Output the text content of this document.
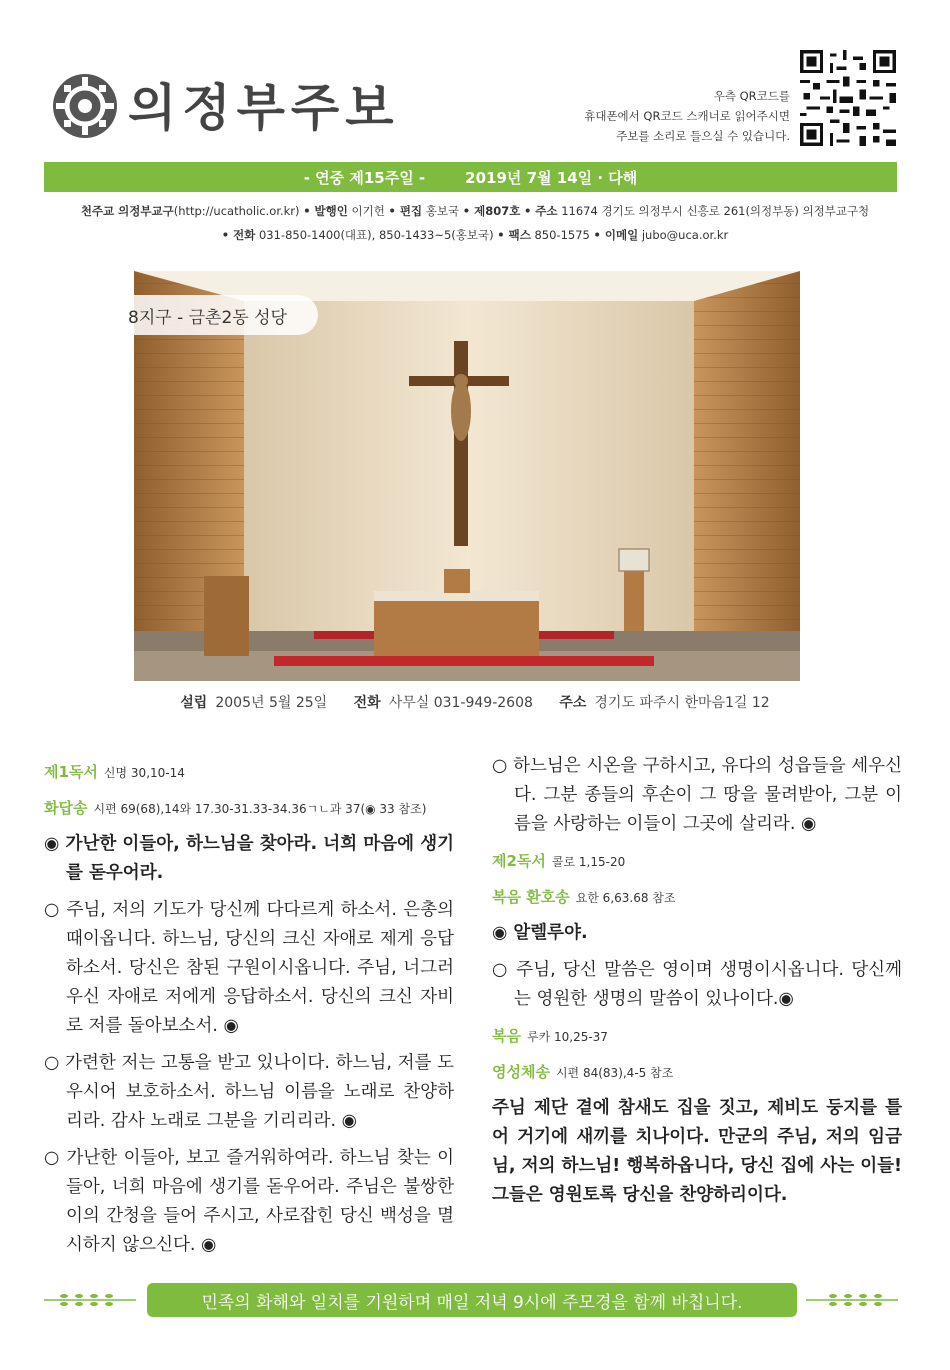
의정부주보	우측 QR코드를
휴대폰에서 QR코드 스캐너로 읽어주시면
주보를 소리로 들으실 수 있습니다.
- 연중 제15주일 -	2019년 7월 14일 · 다해
천주교 의정부교구(http://ucatholic.or.kr) • 발행인 이기헌 • 편집 홍보국 • 제807호 • 주소 11674 경기도 의정부시 신흥로 261(의정부동) 의정부교구청
• 전화 031-850-1400(대표), 850-1433~5(홍보국) • 팩스 850-1575 • 이메일 jubo@uca.or.kr
8지구 - 금촌2동 성당
설립 2005년 5월 25일 전화 사무실 031-949-2608 주소 경기도 파주시 한마음1길 12
제1독서 신명 30,10-14
화답송 시편 69(68),14와 17.30-31.33-34.36ㄱㄴ과 37(◉ 33 참조)

◉ 가난한 이들아, 하느님을 찾아라. 너희 마음에 생기를 돋우어라.

○ 주님, 저의 기도가 당신께 다다르게 하소서. 은총의 때이옵니다. 하느님, 당신의 크신 자애로 제게 응답하소서. 당신은 참된 구원이시옵니다. 주님, 너그러우신 자애로 저에게 응답하소서. 당신의 크신 자비로 저를 돌아보소서. ◉

○ 가련한 저는 고통을 받고 있나이다. 하느님, 저를 도우시어 보호하소서. 하느님 이름을 노래로 찬양하리라. 감사 노래로 그분을 기리리라. ◉

○ 가난한 이들아, 보고 즐거워하여라. 하느님 찾는 이들아, 너희 마음에 생기를 돋우어라. 주님은 불쌍한 이의 간청을 들어 주시고, 사로잡힌 당신 백성을 멸시하지 않으신다. ◉

○ 하느님은 시온을 구하시고, 유다의 성읍들을 세우신다. 그분 종들의 후손이 그 땅을 물려받아, 그분 이름을 사랑하는 이들이 그곳에 살리라. ◉

제2독서 콜로 1,15-20
복음 환호송 요한 6,63.68 참조

◉ 알렐루야.

○ 주님, 당신 말씀은 영이며 생명이시옵니다. 당신께는 영원한 생명의 말씀이 있나이다.◉

복음 루카 10,25-37
영성체송 시편 84(83),4-5 참조

주님 제단 곁에 참새도 집을 짓고, 제비도 둥지를 틀어 거기에 새끼를 치나이다. 만군의 주님, 저의 임금님, 저의 하느님! 행복하옵니다, 당신 집에 사는 이들! 그들은 영원토록 당신을 찬양하리이다.

민족의 화해와 일치를 기원하며 매일 저녁 9시에 주모경을 함께 바칩니다.
